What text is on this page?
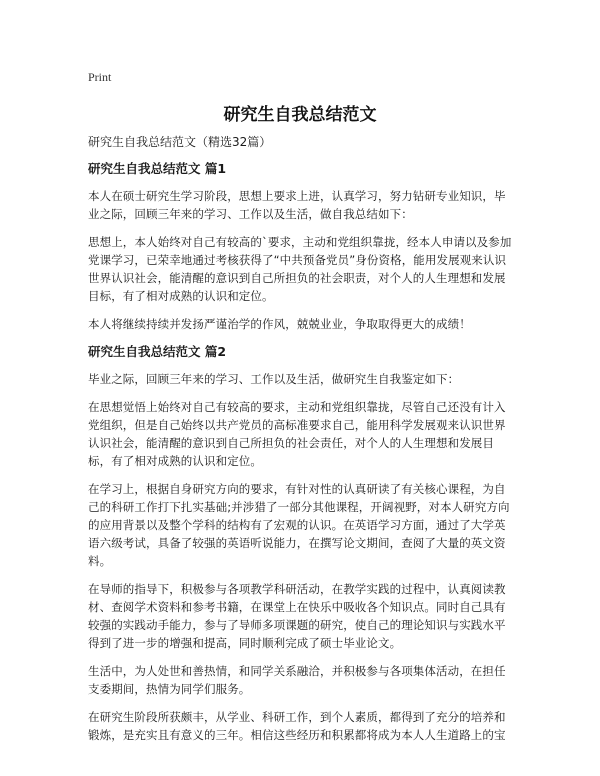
Print
研究生自我总结范文
研究生自我总结范文（精选32篇）
研究生自我总结范文 篇1

本人在硕士研究生学习阶段，思想上要求上进，认真学习，努力钻研专业知识，毕业之际，回顾三年来的学习、工作以及生活，做自我总结如下：

思想上，本人始终对自己有较高的`要求，主动和党组织靠拢，经本人申请以及参加党课学习，已荣幸地通过考核获得了“中共预备党员”身份资格，能用发展观来认识世界认识社会，能清醒的意识到自己所担负的社会职责，对个人的人生理想和发展目标，有了相对成熟的认识和定位。

本人将继续持续并发扬严谨治学的作风，兢兢业业，争取取得更大的成绩！

研究生自我总结范文 篇2

毕业之际，回顾三年来的学习、工作以及生活，做研究生自我鉴定如下：

在思想觉悟上始终对自己有较高的要求，主动和党组织靠拢，尽管自己还没有计入党组织，但是自己始终以共产党员的高标准要求自己，能用科学发展观来认识世界认识社会，能清醒的意识到自己所担负的社会责任，对个人的人生理想和发展目标，有了相对成熟的认识和定位。

在学习上，根据自身研究方向的要求，有针对性的认真研读了有关核心课程，为自己的科研工作打下扎实基础;并涉猎了一部分其他课程，开阔视野，对本人研究方向的应用背景以及整个学科的结构有了宏观的认识。在英语学习方面，通过了大学英语六级考试，具备了较强的英语听说能力，在撰写论文期间，查阅了大量的英文资料。

在导师的指导下，积极参与各项教学科研活动，在教学实践的过程中，认真阅读教材、查阅学术资料和参考书籍，在课堂上在快乐中吸收各个知识点。同时自己具有较强的实践动手能力，参与了导师多项课题的研究，使自己的理论知识与实践水平得到了进一步的增强和提高，同时顺利完成了硕士毕业论文。

生活中，为人处世和善热情，和同学关系融洽，并积极参与各项集体活动，在担任支委期间，热情为同学们服务。

在研究生阶段所获颇丰，从学业、科研工作，到个人素质，都得到了充分的培养和锻炼，是充实且有意义的三年。相信这些经历和积累都将成为本人人生道路上的宝
